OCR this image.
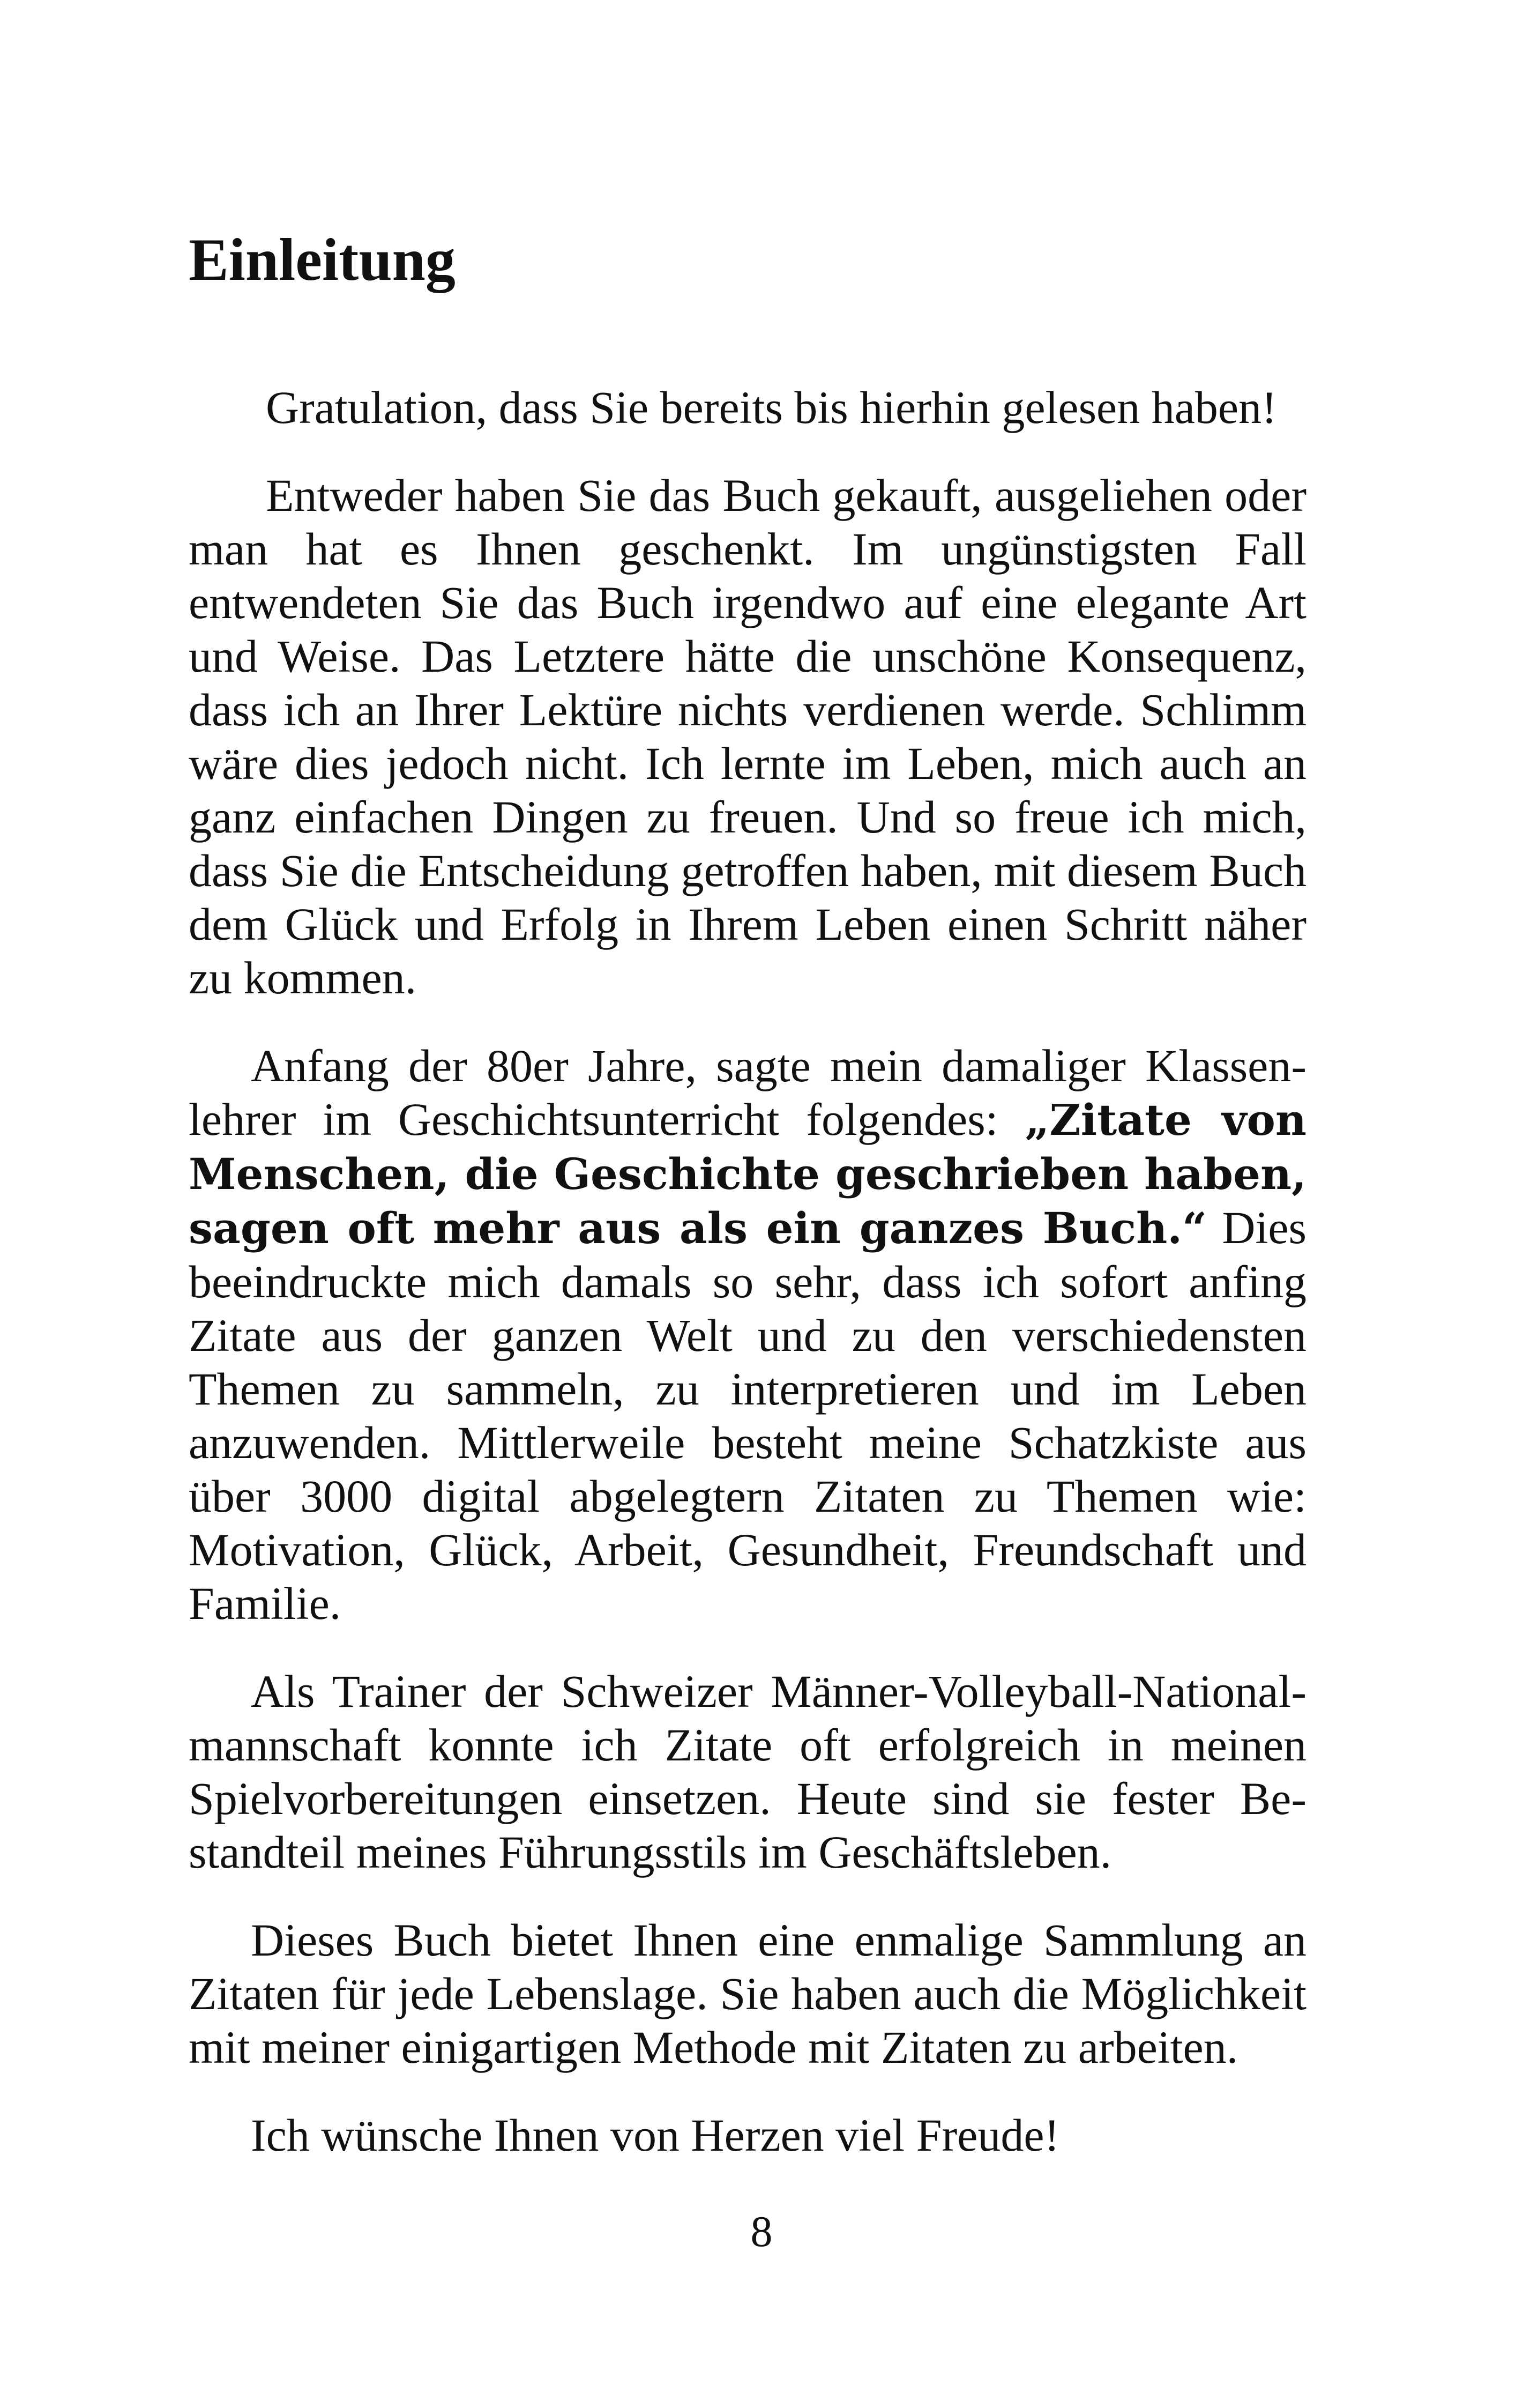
Einleitung

Gratulation, dass Sie bereits bis hierhin gelesen haben!

Entweder haben Sie das Buch gekauft, ausgeliehen oder man hat es Ihnen geschenkt. Im ungünstigsten Fall entwendeten Sie das Buch irgendwo auf eine elegante Art und Weise. Das Letztere hätte die unschöne Konsequenz, dass ich an Ihrer Lektüre nichts verdienen werde. Schlimm wäre dies jedoch nicht. Ich lernte im Leben, mich auch an ganz einfachen Dingen zu freuen. Und so freue ich mich, dass Sie die Entscheidung getroffen haben, mit diesem Buch dem Glück und Erfolg in Ihrem Leben einen Schritt näher zu kommen.

Anfang der 80er Jahre, sagte mein damaliger Klassenlehrer im Geschichtsunterricht folgendes: „Zitate von Menschen, die Geschichte geschrieben haben, sagen oft mehr aus als ein ganzes Buch.“ Dies beeindruckte mich damals so sehr, dass ich sofort anfing Zitate aus der ganzen Welt und zu den verschiedensten Themen zu sammeln, zu interpretieren und im Leben anzuwenden. Mittlerweile besteht meine Schatzkiste aus über 3000 digital abgelegtern Zitaten zu Themen wie: Motivation, Glück, Arbeit, Gesundheit, Freundschaft und Familie.

Als Trainer der Schweizer Männer-Volleyball-Nationalmannschaft konnte ich Zitate oft erfolgreich in meinen Spielvorbereitungen einsetzen. Heute sind sie fester Bestandteil meines Führungsstils im Geschäftsleben.

Dieses Buch bietet Ihnen eine enmalige Sammlung an Zitaten für jede Lebenslage. Sie haben auch die Möglichkeit mit meiner einigartigen Methode mit Zitaten zu arbeiten.

Ich wünsche Ihnen von Herzen viel Freude!

8
